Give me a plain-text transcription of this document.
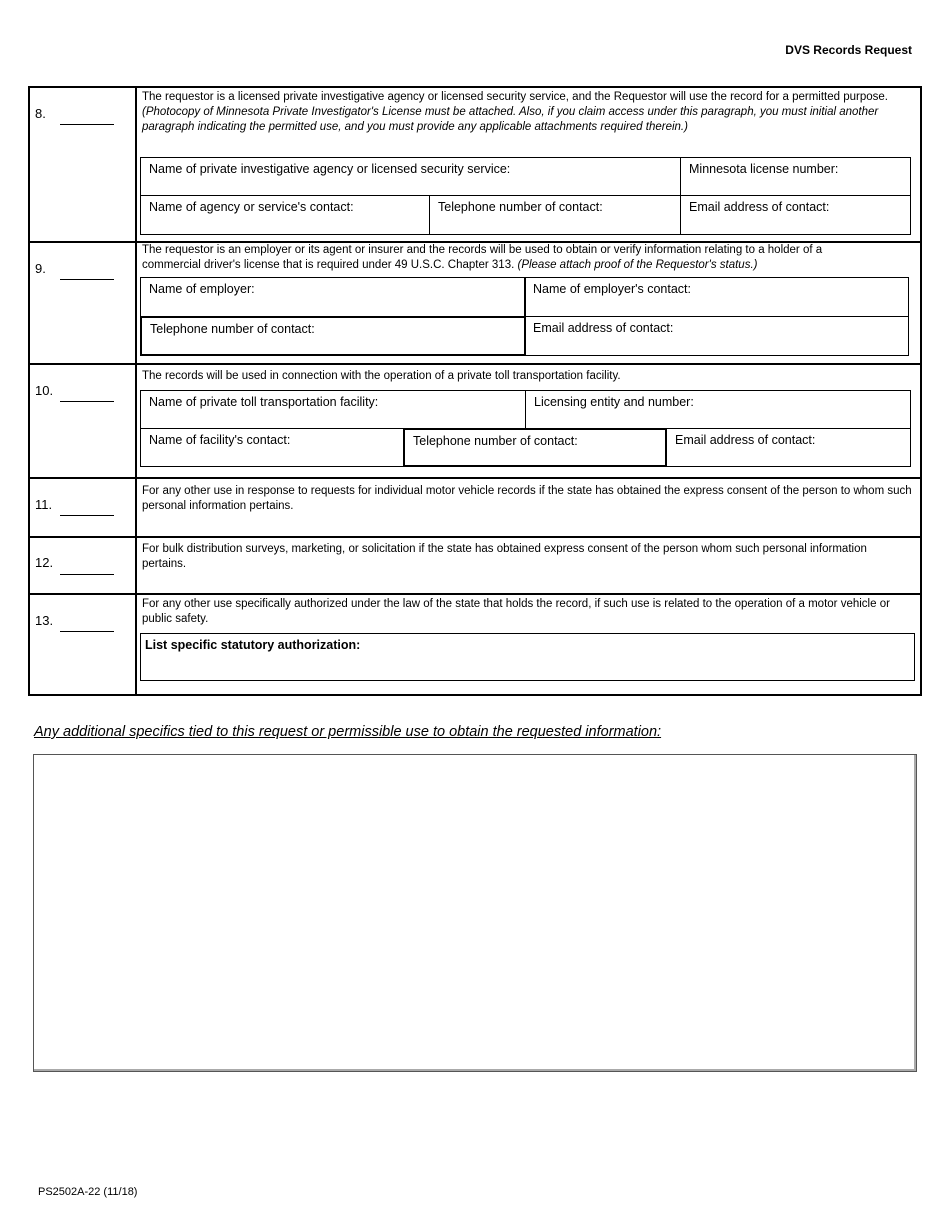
DVS Records Request
8.
The requestor is a licensed private investigative agency or licensed security service, and the Requestor will use the record for a permitted purpose. (Photocopy of Minnesota Private Investigator's License must be attached. Also, if you claim access under this paragraph, you must initial another paragraph indicating the permitted use, and you must provide any applicable attachments required therein.)
Name of private investigative agency or licensed security service:	Minnesota license number:
Name of agency or service's contact:	Telephone number of contact:	Email address of contact:
9.
The requestor is an employer or its agent or insurer and the records will be used to obtain or verify information relating to a holder of a commercial driver's license that is required under 49 U.S.C. Chapter 313. (Please attach proof of the Requestor's status.)
Name of employer:	Name of employer's contact:
Telephone number of contact:	Email address of contact:
10.
The records will be used in connection with the operation of a private toll transportation facility.
Name of private toll transportation facility:	Licensing entity and number:
Name of facility's contact:	Telephone number of contact:	Email address of contact:
11.
For any other use in response to requests for individual motor vehicle records if the state has obtained the express consent of the person to whom such personal information pertains.
12.
For bulk distribution surveys, marketing, or solicitation if the state has obtained express consent of the person whom such personal information pertains.
13.
For any other use specifically authorized under the law of the state that holds the record, if such use is related to the operation of a motor vehicle or public safety.
List specific statutory authorization:
Any additional specifics tied to this request or permissible use to obtain the requested information:
PS2502A-22 (11/18)
